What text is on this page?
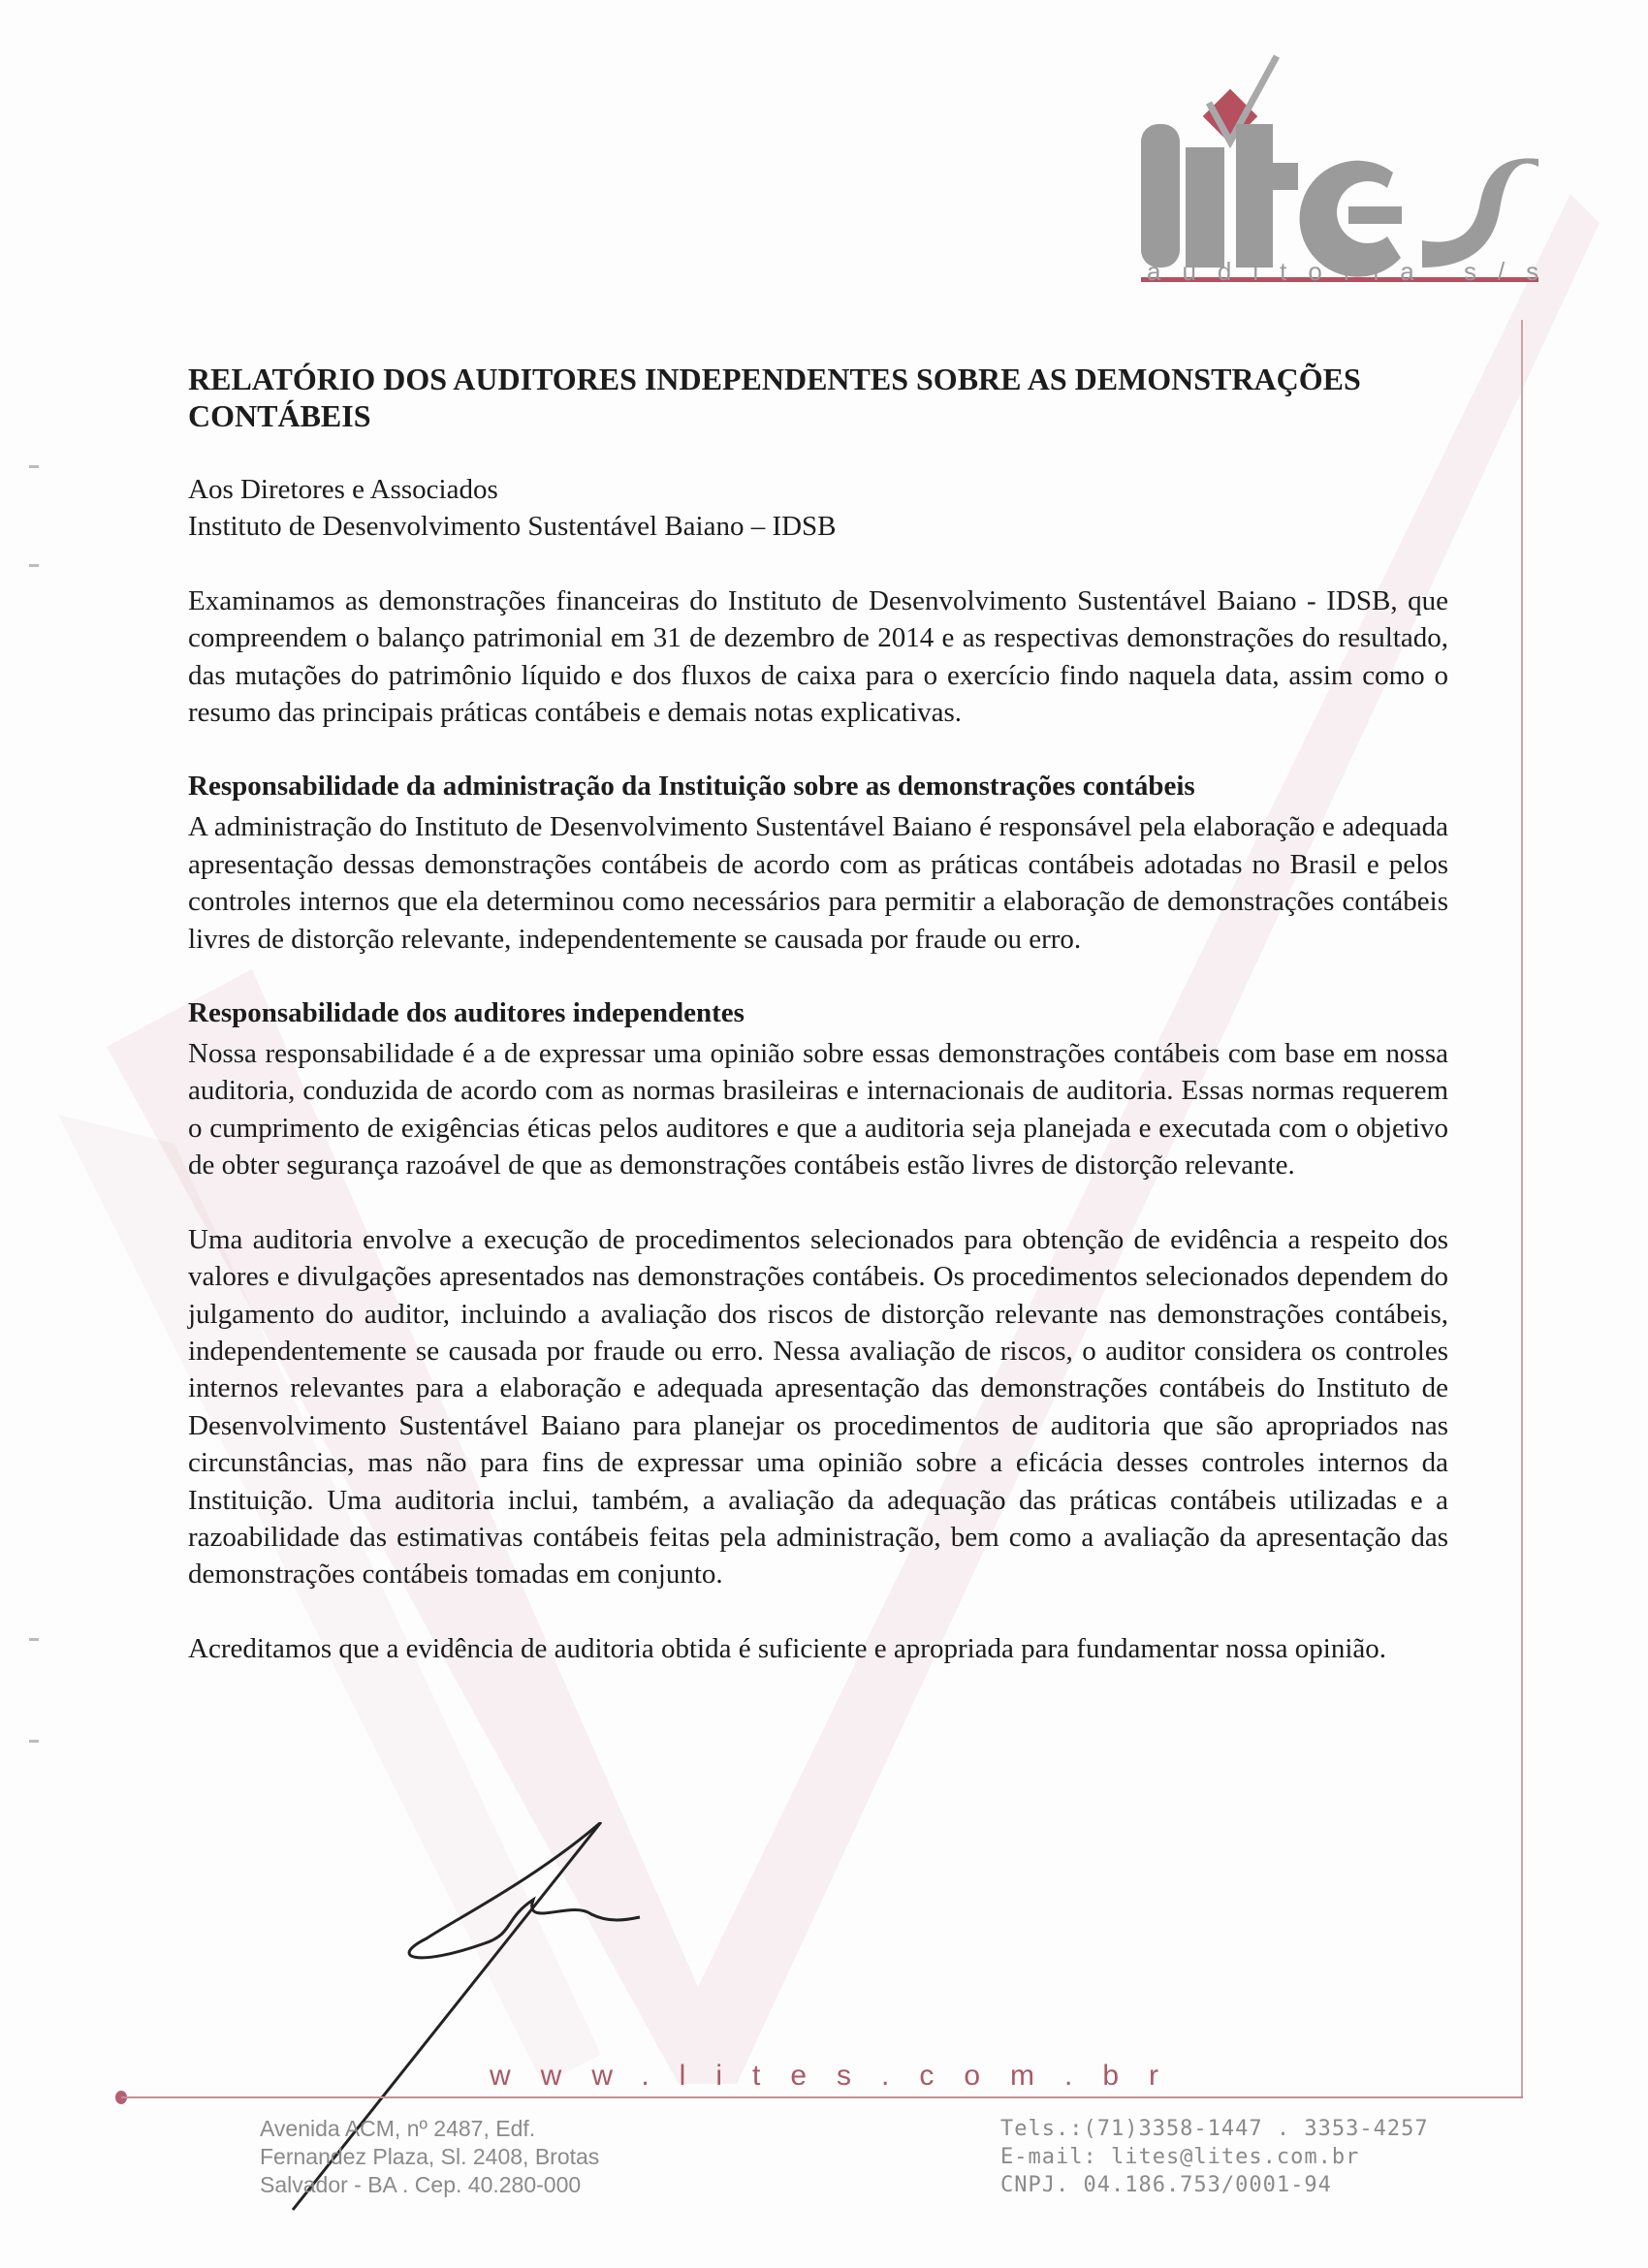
auditoria s/s
RELATÓRIO DOS AUDITORES INDEPENDENTES SOBRE AS DEMONSTRAÇÕES CONTÁBEIS

Aos Diretores e Associados

Instituto de Desenvolvimento Sustentável Baiano – IDSB

Examinamos as demonstrações financeiras do Instituto de Desenvolvimento Sustentável Baiano - IDSB, que compreendem o balanço patrimonial em 31 de dezembro de 2014 e as respectivas demonstrações do resultado, das mutações do patrimônio líquido e dos fluxos de caixa para o exercício findo naquela data, assim como o resumo das principais práticas contábeis e demais notas explicativas.

Responsabilidade da administração da Instituição sobre as demonstrações contábeis

A administração do Instituto de Desenvolvimento Sustentável Baiano é responsável pela elaboração e adequada apresentação dessas demonstrações contábeis de acordo com as práticas contábeis adotadas no Brasil e pelos controles internos que ela determinou como necessários para permitir a elaboração de demonstrações contábeis livres de distorção relevante, independentemente se causada por fraude ou erro.

Responsabilidade dos auditores independentes

Nossa responsabilidade é a de expressar uma opinião sobre essas demonstrações contábeis com base em nossa auditoria, conduzida de acordo com as normas brasileiras e internacionais de auditoria. Essas normas requerem o cumprimento de exigências éticas pelos auditores e que a auditoria seja planejada e executada com o objetivo de obter segurança razoável de que as demonstrações contábeis estão livres de distorção relevante.

Uma auditoria envolve a execução de procedimentos selecionados para obtenção de evidência a respeito dos valores e divulgações apresentados nas demonstrações contábeis. Os procedimentos selecionados dependem do julgamento do auditor, incluindo a avaliação dos riscos de distorção relevante nas demonstrações contábeis, independentemente se causada por fraude ou erro. Nessa avaliação de riscos, o auditor considera os controles internos relevantes para a elaboração e adequada apresentação das demonstrações contábeis do Instituto de Desenvolvimento Sustentável Baiano para planejar os procedimentos de auditoria que são apropriados nas circunstâncias, mas não para fins de expressar uma opinião sobre a eficácia desses controles internos da Instituição. Uma auditoria inclui, também, a avaliação da adequação das práticas contábeis utilizadas e a razoabilidade das estimativas contábeis feitas pela administração, bem como a avaliação da apresentação das demonstrações contábeis tomadas em conjunto.

Acreditamos que a evidência de auditoria obtida é suficiente e apropriada para fundamentar nossa opinião.

www.lites.com.br
Avenida ACM, nº 2487, Edf.
Fernandez Plaza, Sl. 2408, Brotas
Salvador - BA . Cep. 40.280-000
Tels.:(71)3358-1447 . 3353-4257
E-mail: lites@lites.com.br
CNPJ. 04.186.753/0001-94
